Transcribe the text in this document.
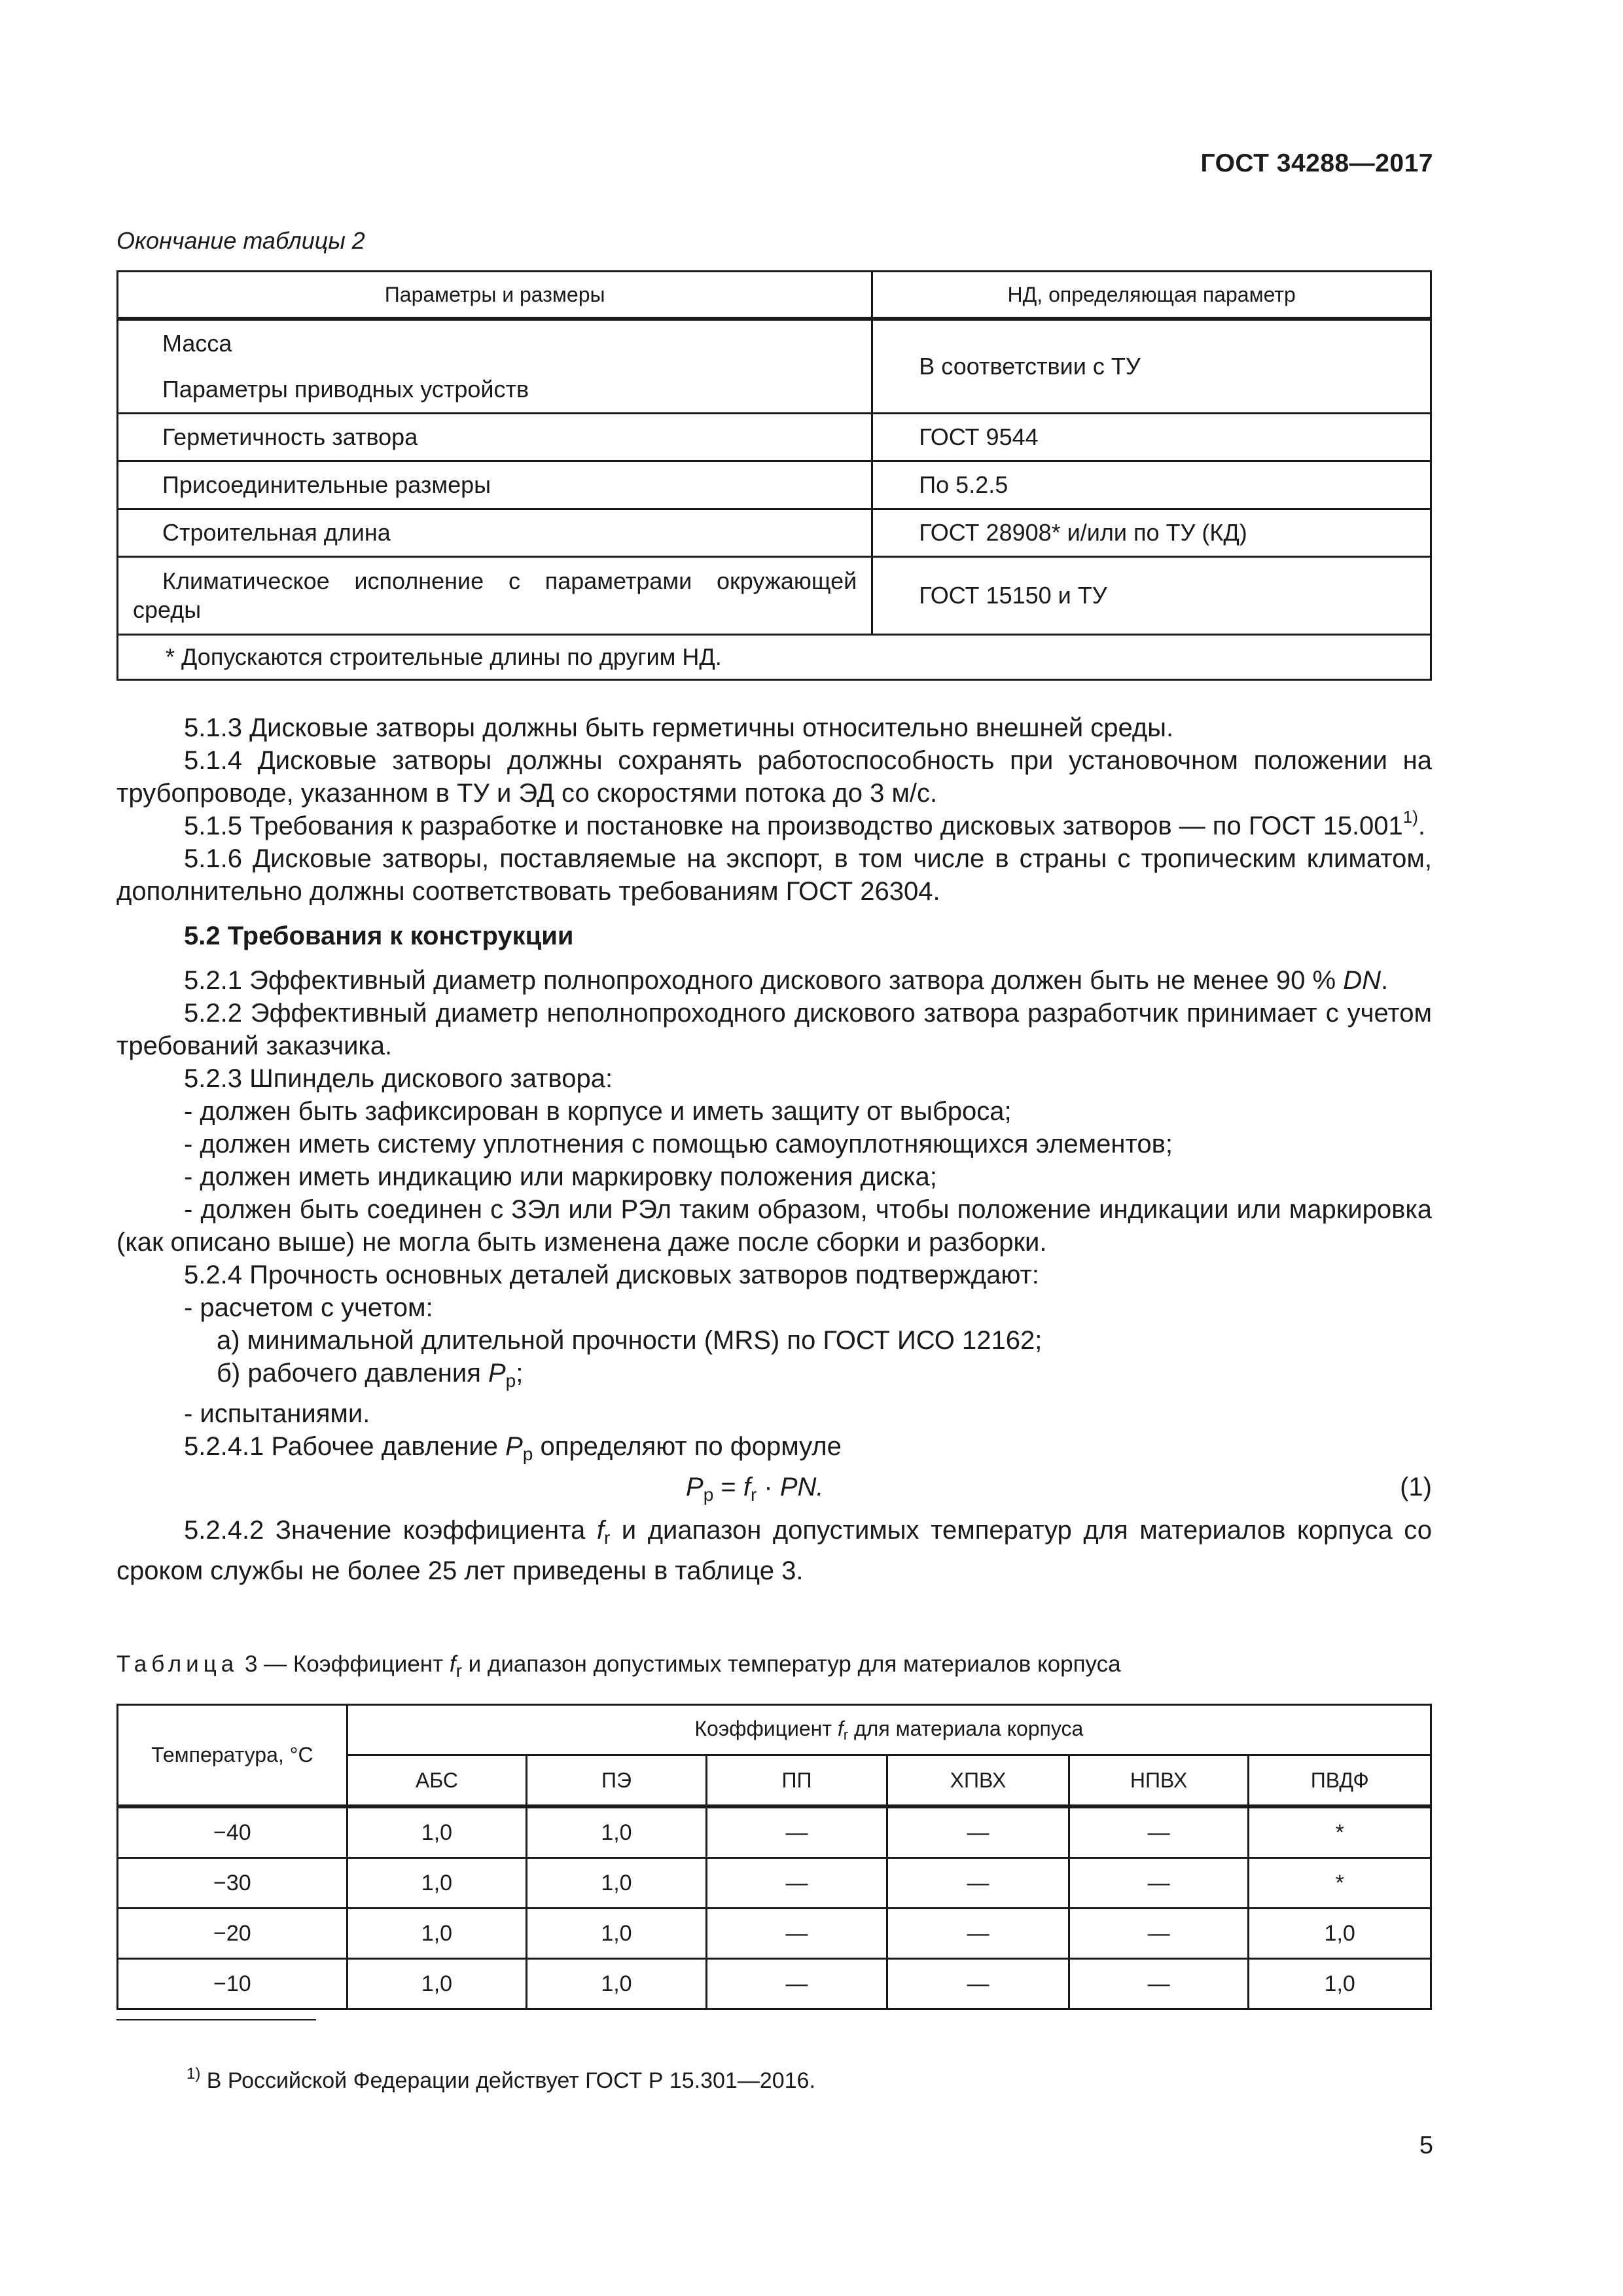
ГОСТ 34288—2017
Окончание таблицы 2
Параметры и размеры	НД, определяющая параметр
Масса	В соответствии с ТУ
Параметры приводных устройств	
Герметичность затвора	ГОСТ 9544
Присоединительные размеры	По 5.2.5
Строительная длина	ГОСТ 28908* и/или по ТУ (КД)
Климатическое исполнение с параметрами окружающей среды	ГОСТ 15150 и ТУ
* Допускаются строительные длины по другим НД.	
5.1.3 Дисковые затворы должны быть герметичны относительно внешней среды.
5.1.4 Дисковые затворы должны сохранять работоспособность при установочном положении на трубопроводе, указанном в ТУ и ЭД со скоростями потока до 3 м/с.
5.1.5 Требования к разработке и постановке на производство дисковых затворов — по ГОСТ 15.001$^{1)}$.
5.1.6 Дисковые затворы, поставляемые на экспорт, в том числе в страны с тропическим климатом, дополнительно должны соответствовать требованиям ГОСТ 26304.
5.2 Требования к конструкции
5.2.1 Эффективный диаметр полнопроходного дискового затвора должен быть не менее 90 % DN.
5.2.2 Эффективный диаметр неполнопроходного дискового затвора разработчик принимает с учетом требований заказчика.
5.2.3 Шпиндель дискового затвора:
- должен быть зафиксирован в корпусе и иметь защиту от выброса;
- должен иметь систему уплотнения с помощью самоуплотняющихся элементов;
- должен иметь индикацию или маркировку положения диска;
- должен быть соединен с ЗЭл или РЭл таким образом, чтобы положение индикации или маркировка (как описано выше) не могла быть изменена даже после сборки и разборки.
5.2.4 Прочность основных деталей дисковых затворов подтверждают:
- расчетом с учетом:
а) минимальной длительной прочности (MRS) по ГОСТ ИСО 12162;
б) рабочего давления $P_р$;
- испытаниями.
5.2.4.1 Рабочее давление $P_р$ определяют по формуле
$P_р = f_r$ · PN.	(1)
5.2.4.2 Значение коэффициента $f_r$ и диапазон допустимых температур для материалов корпуса со сроком службы не более 25 лет приведены в таблице 3.
Таблица 3 — Коэффициент $f_r$ и диапазон допустимых температур для материалов корпуса
Температура, °С	Коэффициент $f_r$ для материала корпуса					
	АБС	ПЭ	ПП	ХПВХ	НПВХ	ПВДФ
−40	1,0	1,0	—	—	—	*
−30	1,0	1,0	—	—	—	*
−20	1,0	1,0	—	—	—	1,0
−10	1,0	1,0	—	—	—	1,0
$^{1)}$ В Российской Федерации действует ГОСТ Р 15.301—2016.
5
